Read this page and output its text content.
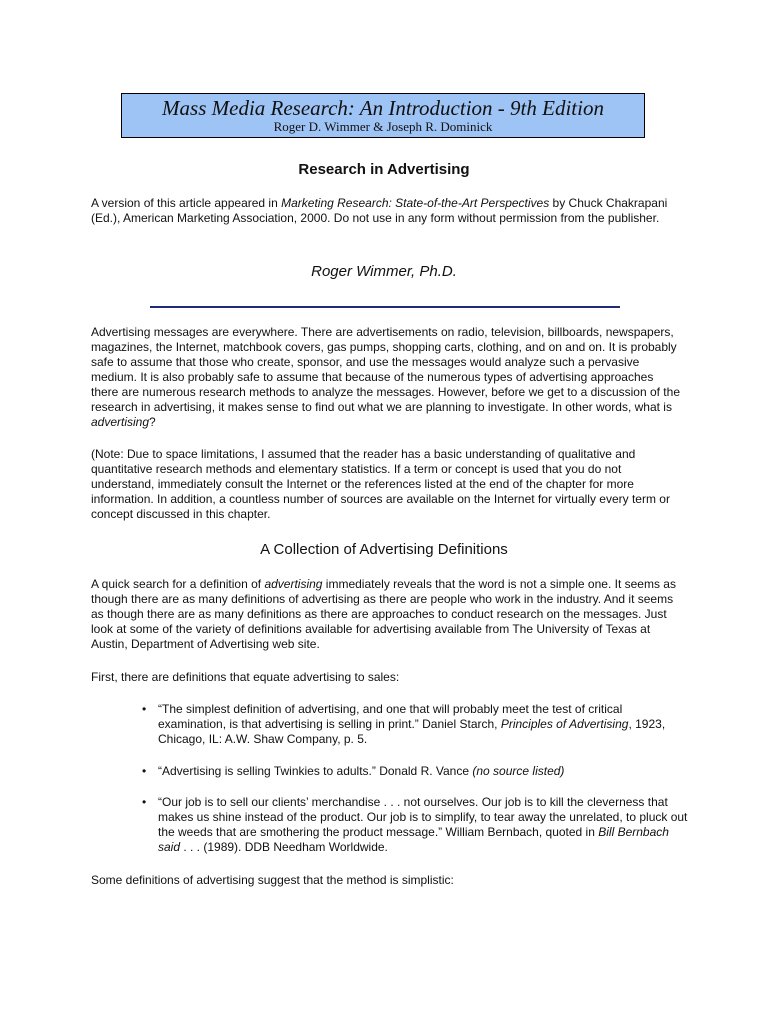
Mass Media Research: An Introduction - 9th Edition
Roger D. Wimmer & Joseph R. Dominick
Research in Advertising

A version of this article appeared in Marketing Research: State-of-the-Art Perspectives by Chuck Chakrapani (Ed.), American Marketing Association, 2000. Do not use in any form without permission from the publisher.

Roger Wimmer, Ph.D.

Advertising messages are everywhere. There are advertisements on radio, television, billboards, newspapers, magazines, the Internet, matchbook covers, gas pumps, shopping carts, clothing, and on and on. It is probably safe to assume that those who create, sponsor, and use the messages would analyze such a pervasive medium. It is also probably safe to assume that because of the numerous types of advertising approaches there are numerous research methods to analyze the messages. However, before we get to a discussion of the research in advertising, it makes sense to find out what we are planning to investigate. In other words, what is advertising?

(Note: Due to space limitations, I assumed that the reader has a basic understanding of qualitative and quantitative research methods and elementary statistics. If a term or concept is used that you do not understand, immediately consult the Internet or the references listed at the end of the chapter for more information. In addition, a countless number of sources are available on the Internet for virtually every term or concept discussed in this chapter.

A Collection of Advertising Definitions

A quick search for a definition of advertising immediately reveals that the word is not a simple one. It seems as though there are as many definitions of advertising as there are people who work in the industry. And it seems as though there are as many definitions as there are approaches to conduct research on the messages. Just look at some of the variety of definitions available for advertising available from The University of Texas at Austin, Department of Advertising web site.

First, there are definitions that equate advertising to sales:

• “The simplest definition of advertising, and one that will probably meet the test of critical examination, is that advertising is selling in print.” Daniel Starch, Principles of Advertising, 1923, Chicago, IL: A.W. Shaw Company, p. 5.

• “Advertising is selling Twinkies to adults.” Donald R. Vance (no source listed)

• “Our job is to sell our clients’ merchandise . . . not ourselves. Our job is to kill the cleverness that makes us shine instead of the product. Our job is to simplify, to tear away the unrelated, to pluck out the weeds that are smothering the product message.” William Bernbach, quoted in Bill Bernbach said . . . (1989). DDB Needham Worldwide.

Some definitions of advertising suggest that the method is simplistic:
